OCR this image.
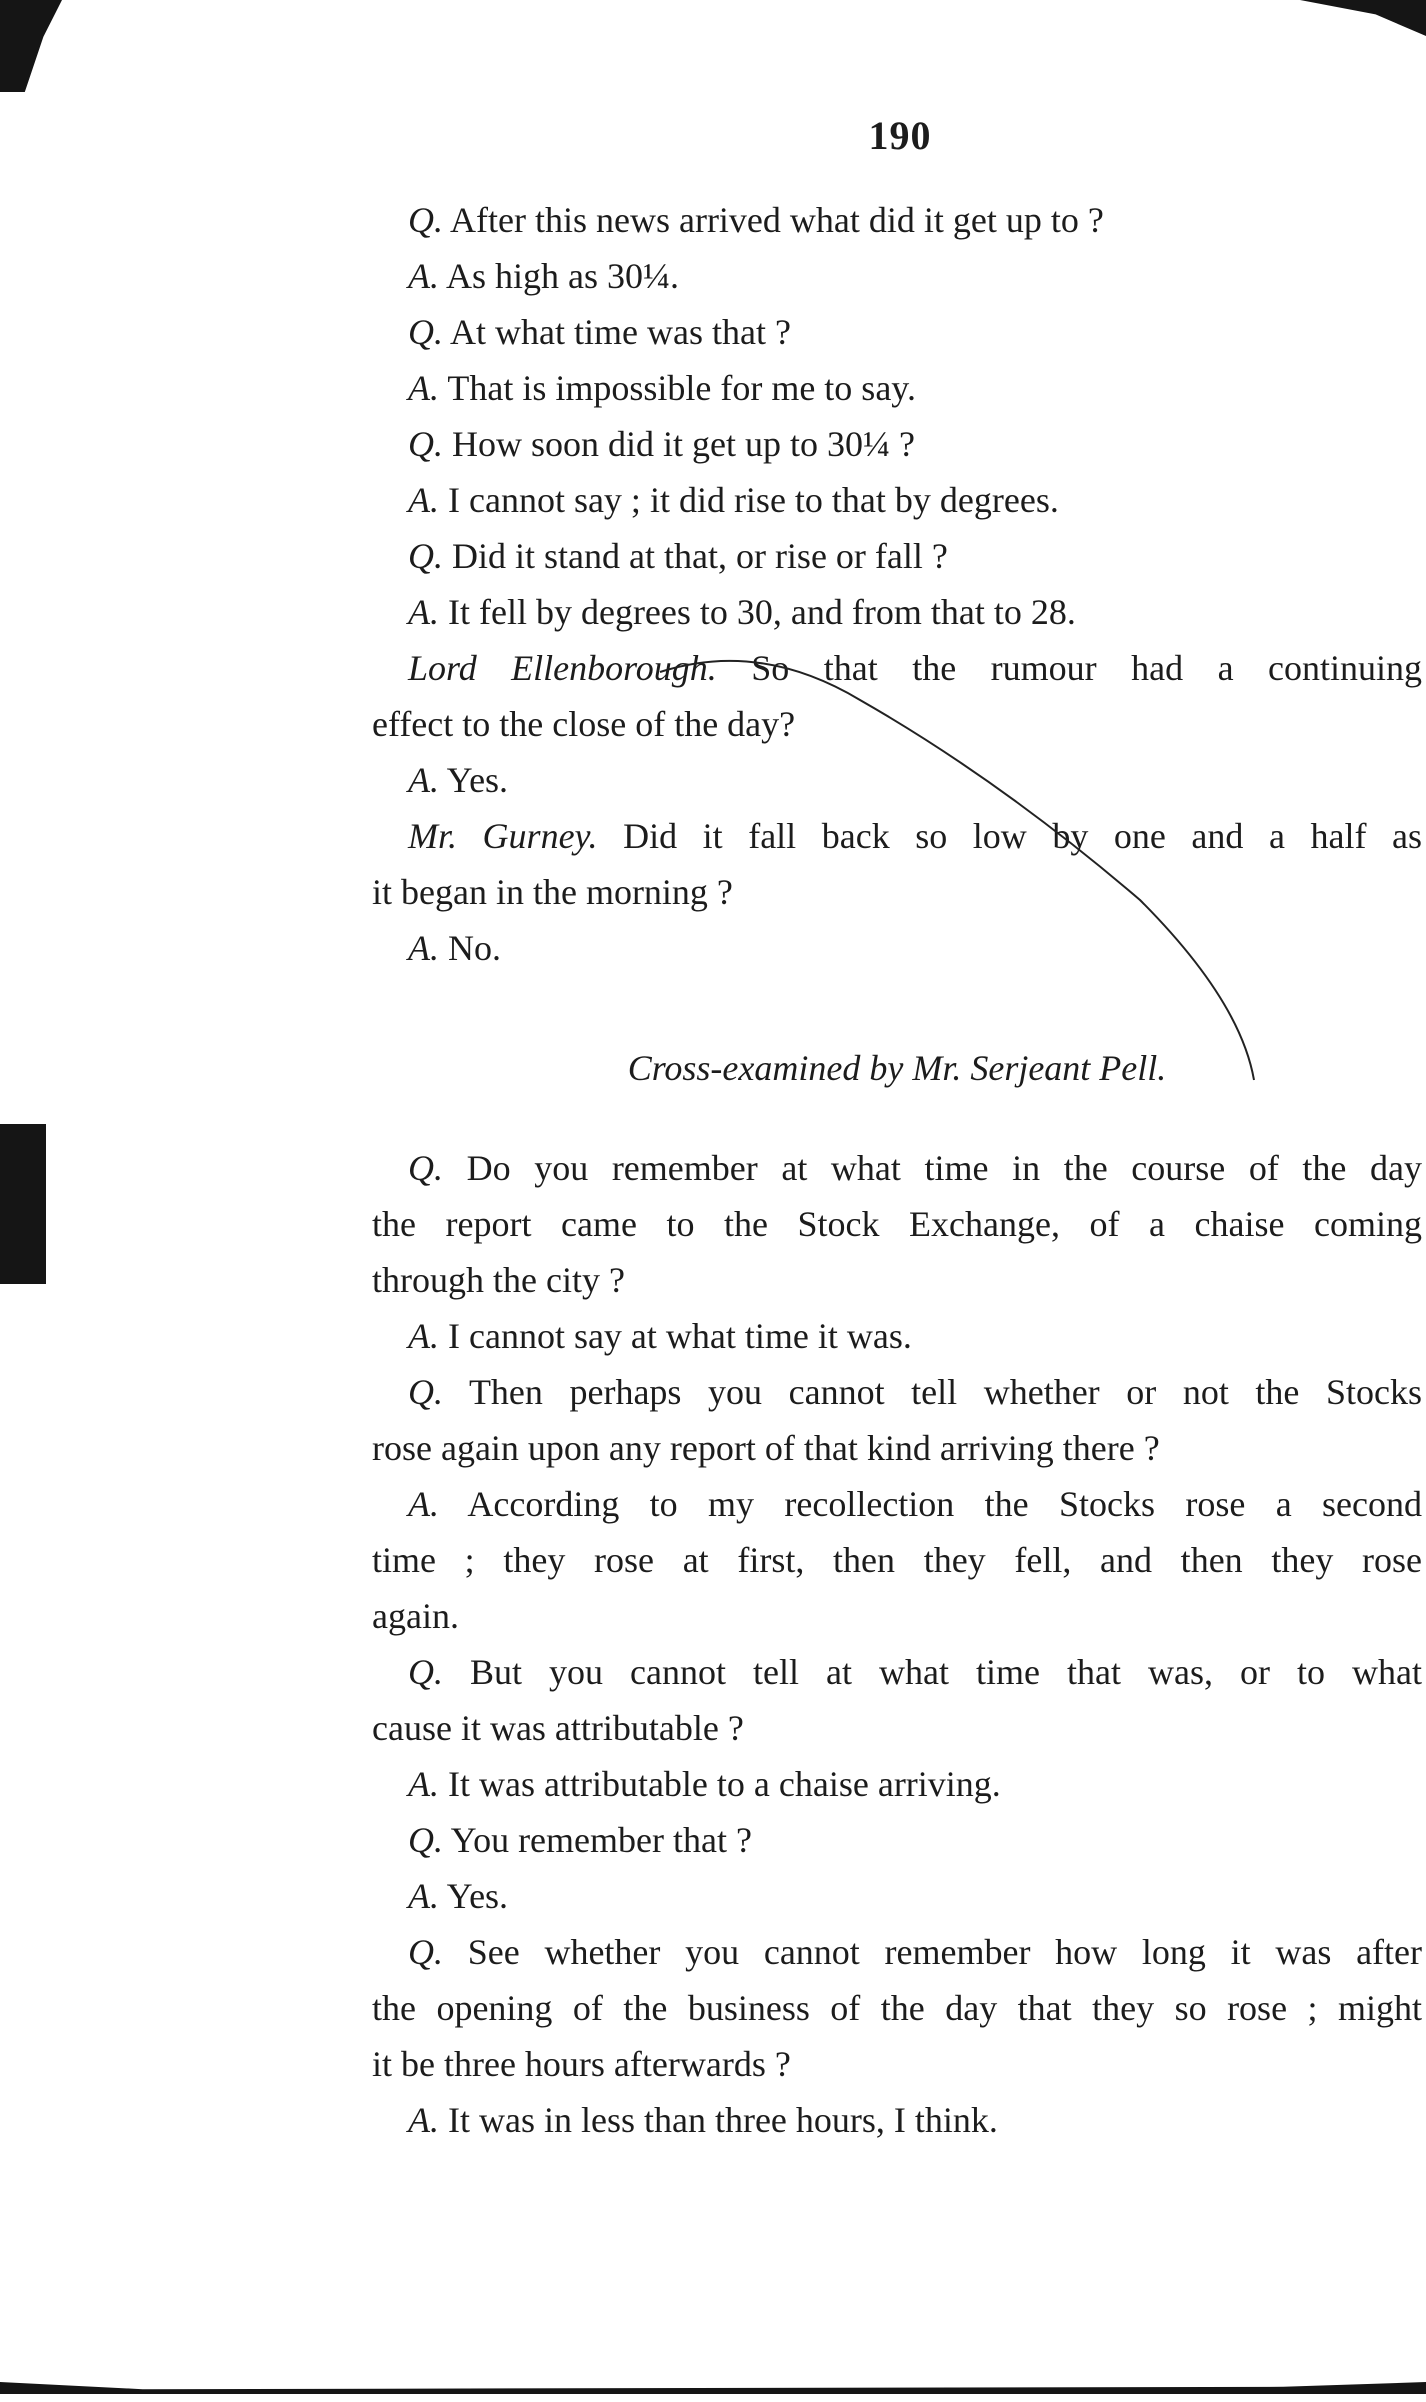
190
Q. After this news arrived what did it get up to ?
A. As high as 30¼.
Q. At what time was that ?
A. That is impossible for me to say.
Q. How soon did it get up to 30¼ ?
A. I cannot say ; it did rise to that by degrees.
Q. Did it stand at that, or rise or fall ?
A. It fell by degrees to 30, and from that to 28.
Lord Ellenborough. So that the rumour had a continuing
effect to the close of the day?
A. Yes.
Mr. Gurney. Did it fall back so low by one and a half as
it began in the morning ?
A. No.
Cross-examined by Mr. Serjeant Pell.
Q. Do you remember at what time in the course of the day
the report came to the Stock Exchange, of a chaise coming
through the city ?
A. I cannot say at what time it was.
Q. Then perhaps you cannot tell whether or not the Stocks
rose again upon any report of that kind arriving there ?
A. According to my recollection the Stocks rose a second
time ; they rose at first, then they fell, and then they rose
again.
Q. But you cannot tell at what time that was, or to what
cause it was attributable ?
A. It was attributable to a chaise arriving.
Q. You remember that ?
A. Yes.
Q. See whether you cannot remember how long it was after
the opening of the business of the day that they so rose ; might
it be three hours afterwards ?
A. It was in less than three hours, I think.
